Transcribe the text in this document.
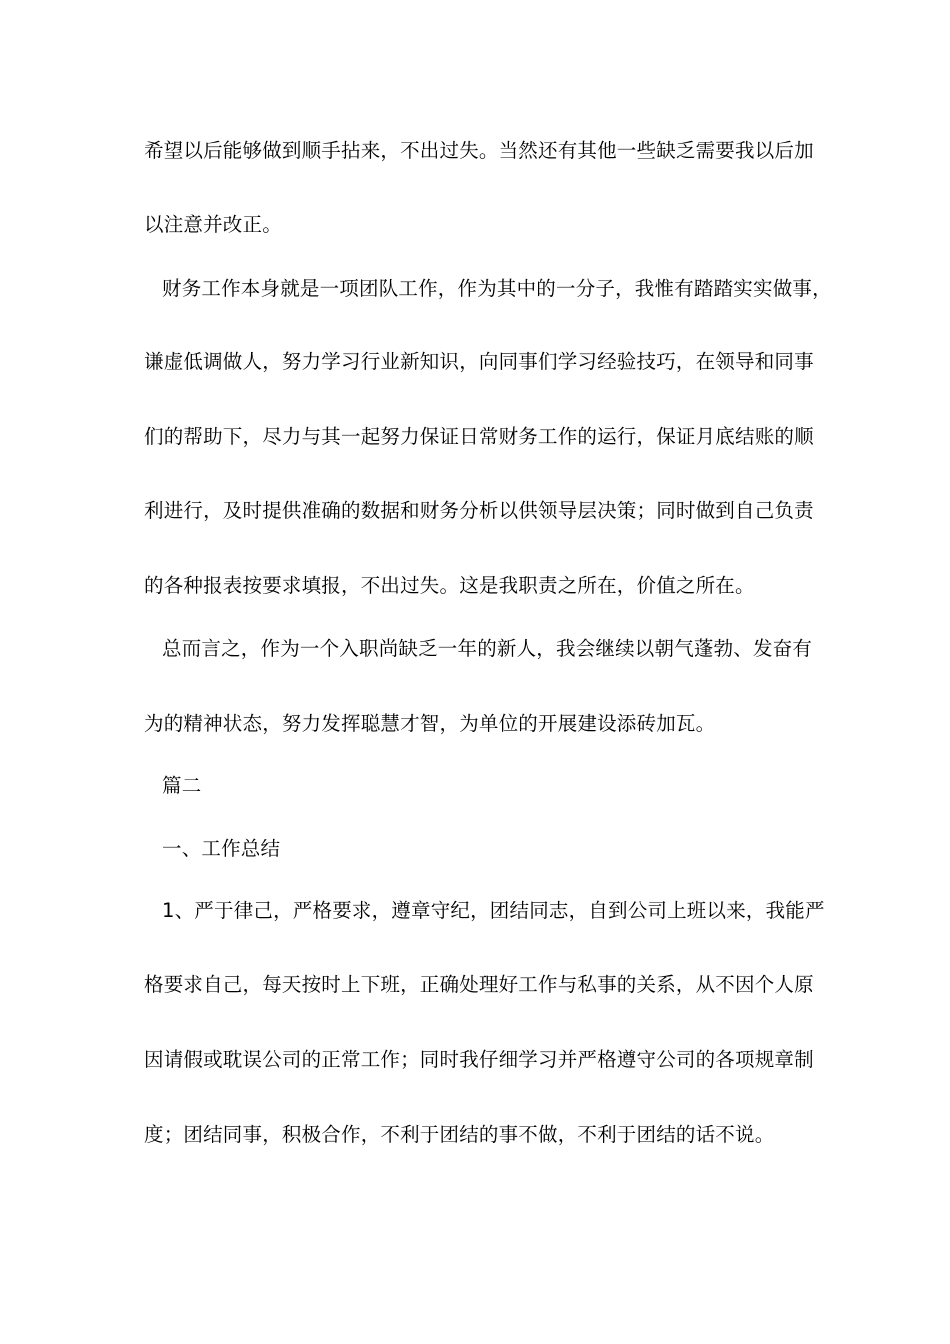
希望以后能够做到顺手拈来，不出过失。当然还有其他一些缺乏需要我以后加
以注意并改正。
财务工作本身就是一项团队工作，作为其中的一分子，我惟有踏踏实实做事，
谦虚低调做人，努力学习行业新知识，向同事们学习经验技巧，在领导和同事
们的帮助下，尽力与其一起努力保证日常财务工作的运行，保证月底结账的顺
利进行，及时提供准确的数据和财务分析以供领导层决策；同时做到自己负责
的各种报表按要求填报，不出过失。这是我职责之所在，价值之所在。
总而言之，作为一个入职尚缺乏一年的新人，我会继续以朝气蓬勃、发奋有
为的精神状态，努力发挥聪慧才智，为单位的开展建设添砖加瓦。
篇二
一、工作总结
1、严于律己，严格要求，遵章守纪，团结同志，自到公司上班以来，我能严
格要求自己，每天按时上下班，正确处理好工作与私事的关系，从不因个人原
因请假或耽误公司的正常工作；同时我仔细学习并严格遵守公司的各项规章制
度；团结同事，积极合作，不利于团结的事不做，不利于团结的话不说。
